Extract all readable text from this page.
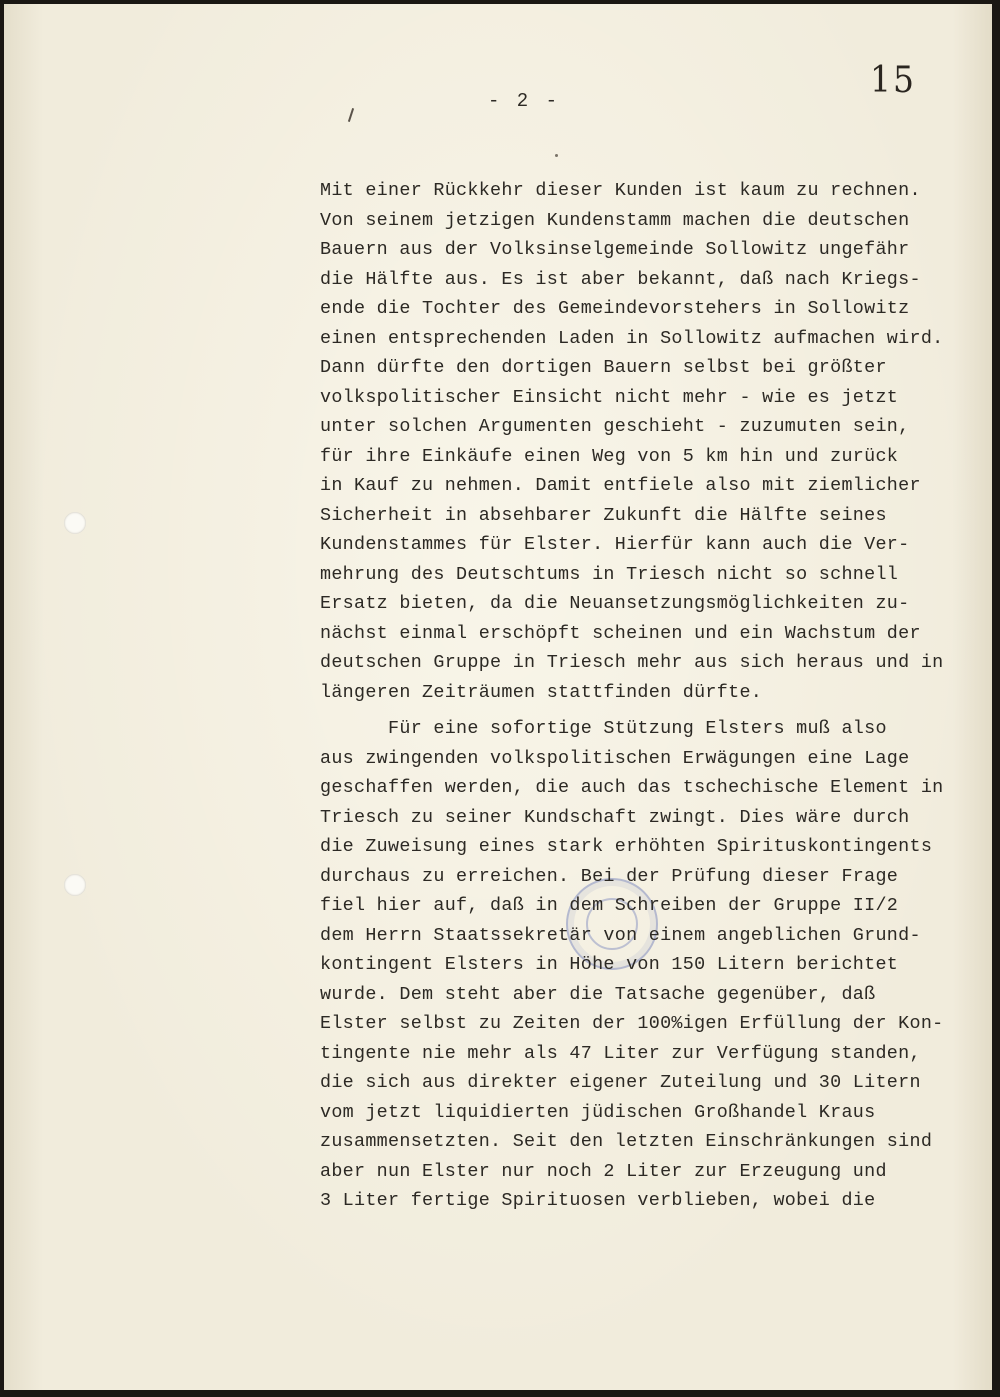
15
- 2 -
Mit einer Rückkehr dieser Kunden ist kaum zu rechnen.
Von seinem jetzigen Kundenstamm machen die deutschen
Bauern aus der Volksinselgemeinde Sollowitz ungefähr
die Hälfte aus. Es ist aber bekannt, daß nach Kriegs-
ende die Tochter des Gemeindevorstehers in Sollowitz
einen entsprechenden Laden in Sollowitz aufmachen wird.
Dann dürfte den dortigen Bauern selbst bei größter
volkspolitischer Einsicht nicht mehr - wie es jetzt
unter solchen Argumenten geschieht - zuzumuten sein,
für ihre Einkäufe einen Weg von 5 km hin und zurück
in Kauf zu nehmen. Damit entfiele also mit ziemlicher
Sicherheit in absehbarer Zukunft die Hälfte seines
Kundenstammes für Elster. Hierfür kann auch die Ver-
mehrung des Deutschtums in Triesch nicht so schnell
Ersatz bieten, da die Neuansetzungsmöglichkeiten zu-
nächst einmal erschöpft scheinen und ein Wachstum der
deutschen Gruppe in Triesch mehr aus sich heraus und in
längeren Zeiträumen stattfinden dürfte.
Für eine sofortige Stützung Elsters muß also
aus zwingenden volkspolitischen Erwägungen eine Lage
geschaffen werden, die auch das tschechische Element in
Triesch zu seiner Kundschaft zwingt. Dies wäre durch
die Zuweisung eines stark erhöhten Spirituskontingents
durchaus zu erreichen. Bei der Prüfung dieser Frage
fiel hier auf, daß in dem Schreiben der Gruppe II/2
dem Herrn Staatssekretär von einem angeblichen Grund-
kontingent Elsters in Höhe von 150 Litern berichtet
wurde. Dem steht aber die Tatsache gegenüber, daß
Elster selbst zu Zeiten der 100%igen Erfüllung der Kon-
tingente nie mehr als 47 Liter zur Verfügung standen,
die sich aus direkter eigener Zuteilung und 30 Litern
vom jetzt liquidierten jüdischen Großhandel Kraus
zusammensetzten. Seit den letzten Einschränkungen sind
aber nun Elster nur noch 2 Liter zur Erzeugung und
3 Liter fertige Spirituosen verblieben, wobei die
